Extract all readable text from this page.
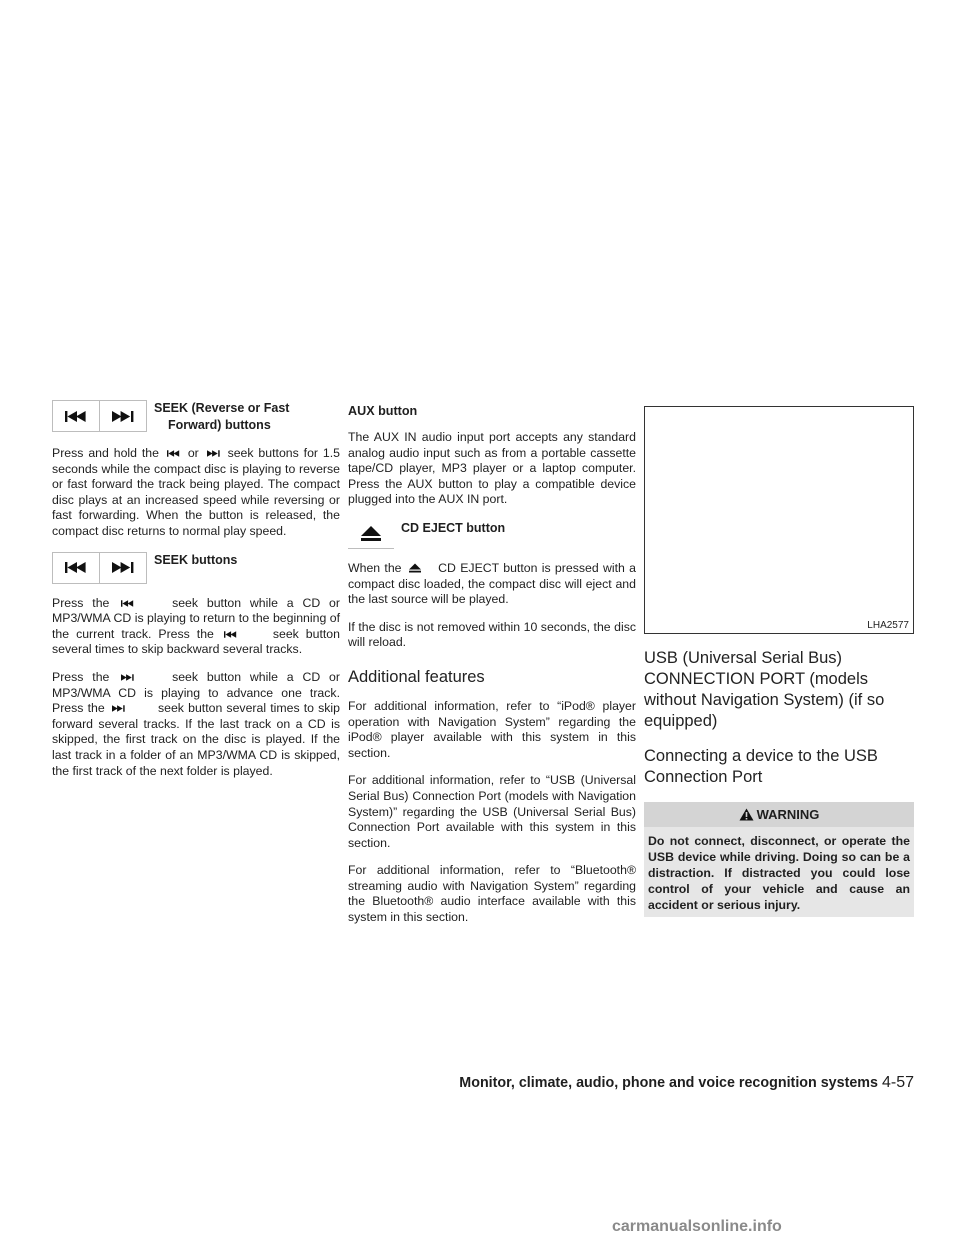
SEEK (Reverse or Fast
Forward) buttons

Press and hold the or seek buttons for 1.5 seconds while the compact disc is playing to reverse or fast forward the track being played. The compact disc plays at an increased speed while reversing or fast forwarding. When the button is released, the compact disc returns to normal play speed.

SEEK buttons

Press the	seek button while a CD or MP3/WMA CD is playing to return to the beginning of the current track. Press the	seek button several times to skip backward several tracks.

Press the	seek button while a CD or MP3/WMA CD is playing to advance one track. Press the	seek button several times to skip forward several tracks. If the last track on a CD is skipped, the first track on the disc is played. If the last track in a folder of an MP3/WMA CD is skipped, the first track of the next folder is played.

AUX button

The AUX IN audio input port accepts any standard analog audio input such as from a portable cassette tape/CD player, MP3 player or a laptop computer. Press the AUX button to play a compatible device plugged into the AUX IN port.

CD EJECT button

When the	CD EJECT button is pressed with a compact disc loaded, the compact disc will eject and the last source will be played.

If the disc is not removed within 10 seconds, the disc will reload.

Additional features

For additional information, refer to “iPod® player operation with Navigation System” regarding the iPod® player available with this system in this section.

For additional information, refer to “USB (Universal Serial Bus) Connection Port (models with Navigation System)” regarding the USB (Universal Serial Bus) Connection Port available with this system in this section.

For additional information, refer to “Bluetooth® streaming audio with Navigation System” regarding the Bluetooth® audio interface available with this system in this section.

LHA2577
USB (Universal Serial Bus) CONNECTION PORT (models without Navigation System) (if so equipped)
Connecting a device to the USB Connection Port
WARNING
Do not connect, disconnect, or operate the USB device while driving. Doing so can be a distraction. If distracted you could lose control of your vehicle and cause an accident or serious injury.
Monitor, climate, audio, phone and voice recognition systems 4-57
carmanualsonline.info
